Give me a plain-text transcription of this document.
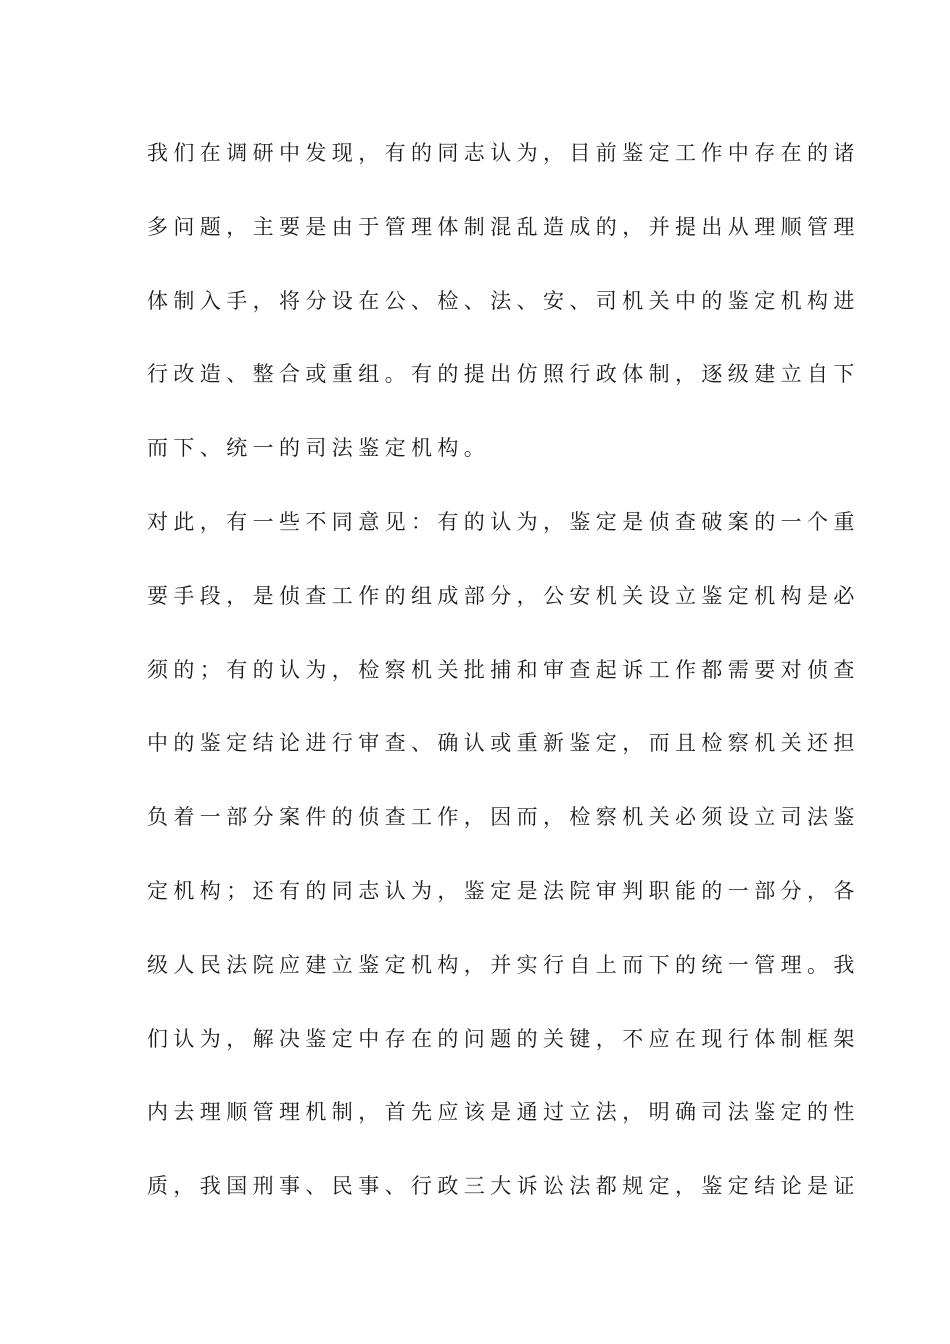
我们在调研中发现，有的同志认为，目前鉴定工作中存在的诸
多问题，主要是由于管理体制混乱造成的，并提出从理顺管理
体制入手，将分设在公、检、法、安、司机关中的鉴定机构进
行改造、整合或重组。有的提出仿照行政体制，逐级建立自下
而下、统一的司法鉴定机构。
对此，有一些不同意见：有的认为，鉴定是侦查破案的一个重
要手段，是侦查工作的组成部分，公安机关设立鉴定机构是必
须的；有的认为，检察机关批捕和审查起诉工作都需要对侦查
中的鉴定结论进行审查、确认或重新鉴定，而且检察机关还担
负着一部分案件的侦查工作，因而，检察机关必须设立司法鉴
定机构；还有的同志认为，鉴定是法院审判职能的一部分，各
级人民法院应建立鉴定机构，并实行自上而下的统一管理。我
们认为，解决鉴定中存在的问题的关键，不应在现行体制框架
内去理顺管理机制，首先应该是通过立法，明确司法鉴定的性
质，我国刑事、民事、行政三大诉讼法都规定，鉴定结论是证
